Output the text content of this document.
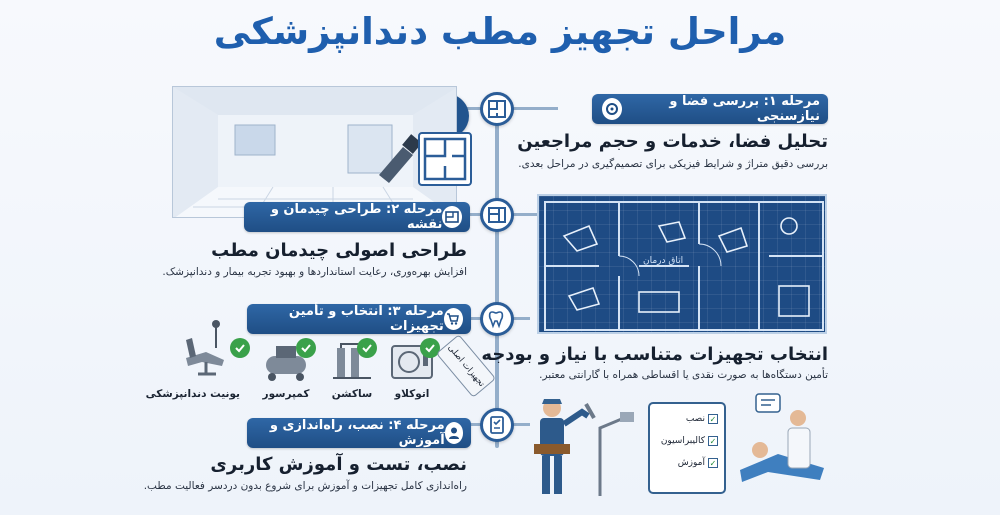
مراحل تجهیز مطب دندانپزشکی
مرحله ۱: بررسی فضا و نیازسنجی
تحلیل فضا، خدمات و حجم مراجعین
بررسی دقیق متراژ و شرایط فیزیکی برای تصمیم‌گیری در مراحل بعدی.
مرحله ۲: طراحی چیدمان و نقشه
طراحی اصولی چیدمان مطب
افزایش بهره‌وری، رعایت استانداردها و بهبود تجربه بیمار و دندانپزشک.
اتاق درمان
مرحله ۳: انتخاب و تأمین تجهیزات
انتخاب تجهیزات متناسب با نیاز و بودجه
تأمین دستگاه‌ها به صورت نقدی یا اقساطی همراه با گارانتی معتبر.
یونیت دندانپزشکی	کمپرسور	ساکشن	اتوکلاو
تجهیزات اصلی
مرحله ۴: نصب، راه‌اندازی و آموزش
نصب، تست و آموزش کاربری
راه‌اندازی کامل تجهیزات و آموزش برای شروع بدون دردسر فعالیت مطب.
✓
نصب
✓
کالیبراسیون
✓
آموزش
